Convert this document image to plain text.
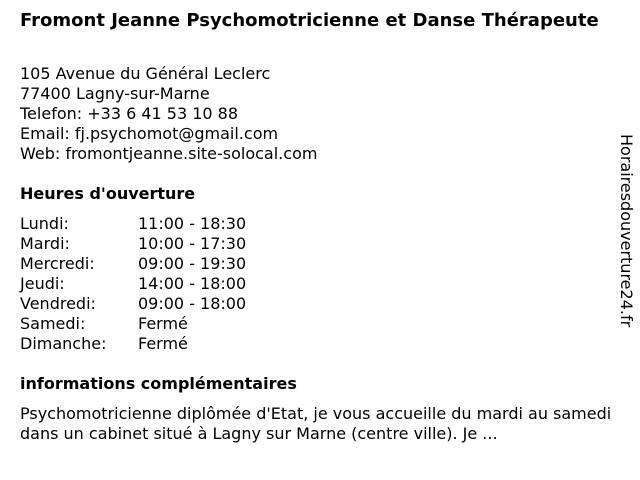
Fromont Jeanne Psychomotricienne et Danse Thérapeute
105 Avenue du Général Leclerc
77400 Lagny-sur-Marne
Telefon: +33 6 41 53 10 88
Email: fj.psychomot@gmail.com
Web: fromontjeanne.site-solocal.com
Heures d'ouverture
Lundi:	11:00 - 18:30
Mardi:	10:00 - 17:30
Mercredi:	09:00 - 19:30
Jeudi:	14:00 - 18:00
Vendredi:	09:00 - 18:00
Samedi:	Fermé
Dimanche:	Fermé
informations complémentaires

Psychomotricienne diplômée d'Etat, je vous accueille du mardi au samedi dans un cabinet situé à Lagny sur Marne (centre ville). Je ...

Horairesdouverture24.fr
